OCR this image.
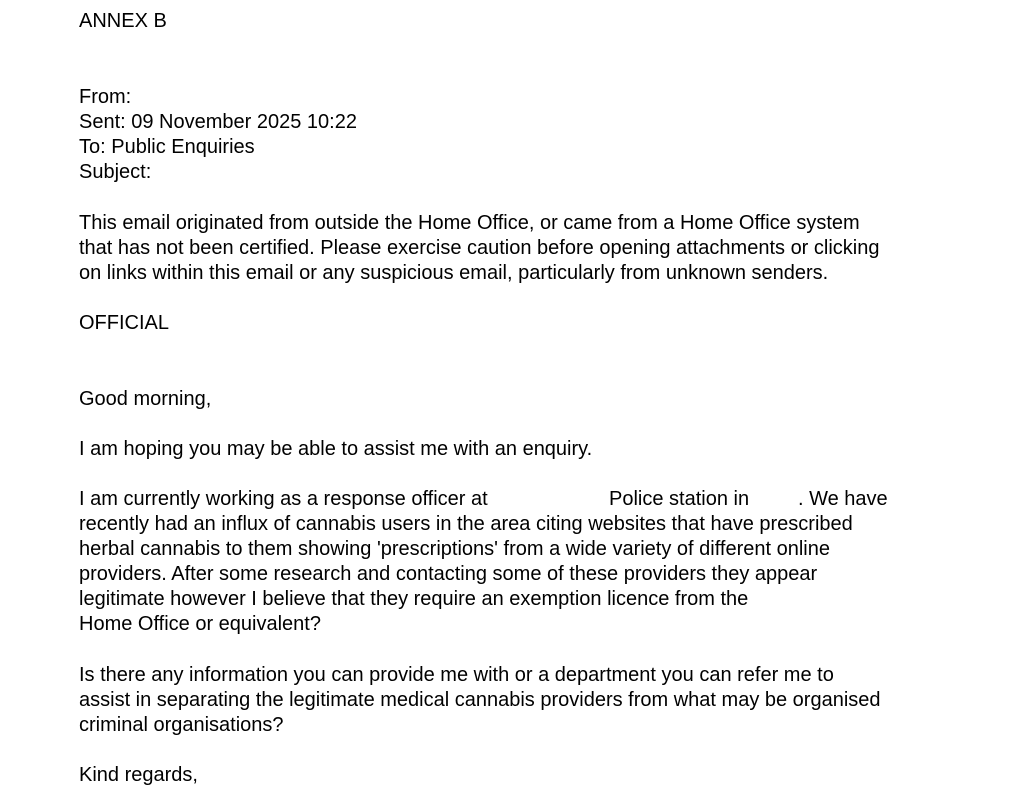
ANNEX B
From:
Sent: 09 November 2025 10:22
To: Public Enquiries
Subject:
This email originated from outside the Home Office, or came from a Home Office system
that has not been certified. Please exercise caution before opening attachments or clicking
on links within this email or any suspicious email, particularly from unknown senders.
OFFICIAL
Good morning,
I am hoping you may be able to assist me with an enquiry.
I am currently working as a response officer at	Police station in . We have
recently had an influx of cannabis users in the area citing websites that have prescribed
herbal cannabis to them showing 'prescriptions' from a wide variety of different online
providers. After some research and contacting some of these providers they appear
legitimate however I believe that they require an exemption licence from the
Home Office or equivalent?
Is there any information you can provide me with or a department you can refer me to
assist in separating the legitimate medical cannabis providers from what may be organised
criminal organisations?
Kind regards,
